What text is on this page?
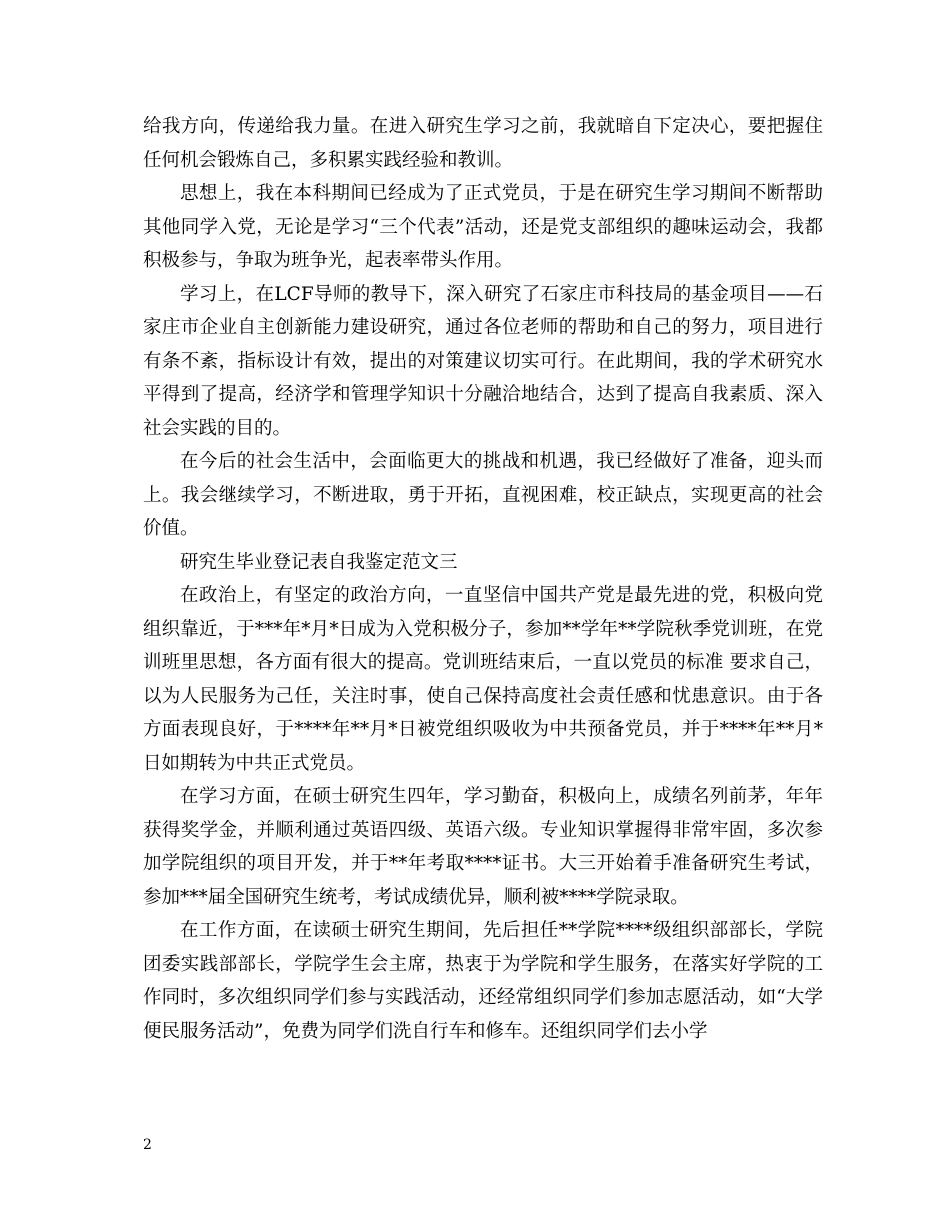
给我方向，传递给我力量。在进入研究生学习之前，我就暗自下定决心，要把握住任何机会锻炼自己，多积累实践经验和教训。

思想上，我在本科期间已经成为了正式党员，于是在研究生学习期间不断帮助其他同学入党，无论是学习“三个代表”活动，还是党支部组织的趣味运动会，我都积极参与，争取为班争光，起表率带头作用。

学习上，在LCF导师的教导下，深入研究了石家庄市科技局的基金项目——石家庄市企业自主创新能力建设研究，通过各位老师的帮助和自己的努力，项目进行有条不紊，指标设计有效，提出的对策建议切实可行。在此期间，我的学术研究水平得到了提高，经济学和管理学知识十分融洽地结合，达到了提高自我素质、深入社会实践的目的。

在今后的社会生活中，会面临更大的挑战和机遇，我已经做好了准备，迎头而上。我会继续学习，不断进取，勇于开拓，直视困难，校正缺点，实现更高的社会价值。

研究生毕业登记表自我鉴定范文三

在政治上，有坚定的政治方向，一直坚信中国共产党是最先进的党，积极向党组织靠近，于***年*月*日成为入党积极分子，参加**学年**学院秋季党训班，在党训班里思想，各方面有很大的提高。党训班结束后，一直以党员的标准 要求自己，以为人民服务为己任，关注时事，使自己保持高度社会责任感和忧患意识。由于各方面表现良好，于****年**月*日被党组织吸收为中共预备党员，并于****年**月*日如期转为中共正式党员。

在学习方面，在硕士研究生四年，学习勤奋，积极向上，成绩名列前茅，年年获得奖学金，并顺利通过英语四级、英语六级。专业知识掌握得非常牢固，多次参加学院组织的项目开发，并于**年考取****证书。大三开始着手准备研究生考试，参加***届全国研究生统考，考试成绩优异，顺利被****学院录取。

在工作方面，在读硕士研究生期间，先后担任**学院****级组织部部长，学院团委实践部部长，学院学生会主席，热衷于为学院和学生服务，在落实好学院的工作同时，多次组织同学们参与实践活动，还经常组织同学们参加志愿活动，如“大学便民服务活动”，免费为同学们洗自行车和修车。还组织同学们去小学

2
